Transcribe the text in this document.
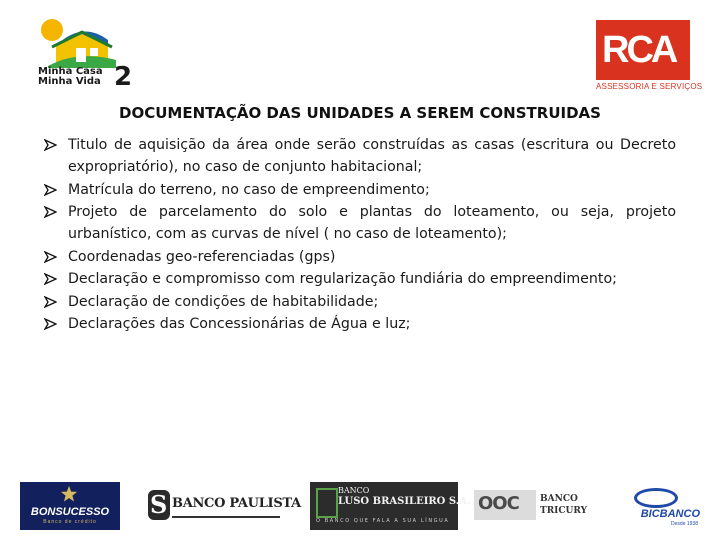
Minha Casa
Minha Vida 2
RCA
ASSESSORIA E SERVIÇOS
DOCUMENTAÇÃO DAS UNIDADES A SEREM CONSTRUIDAS
Titulo de aquisição da área onde serão construídas as casas (escritura ou Decreto expropriatório), no caso de conjunto habitacional;
Matrícula do terreno, no caso de empreendimento;
Projeto de parcelamento do solo e plantas do loteamento, ou seja, projeto urbanístico, com as curvas de nível ( no caso de loteamento);
Coordenadas geo-referenciadas (gps)
Declaração e compromisso com regularização fundiária do empreendimento;
Declaração de condições de habitabilidade;
Declarações das Concessionárias de Água e luz;
BONSUCESSO
Banco de crédito
S BANCO PAULISTA
BANCO
LUSO BRASILEIRO S.A.
O BANCO QUE FALA A SUA LÍNGUA
OOC BANCO
TRICURY	BICBANCO
Desde 1938
